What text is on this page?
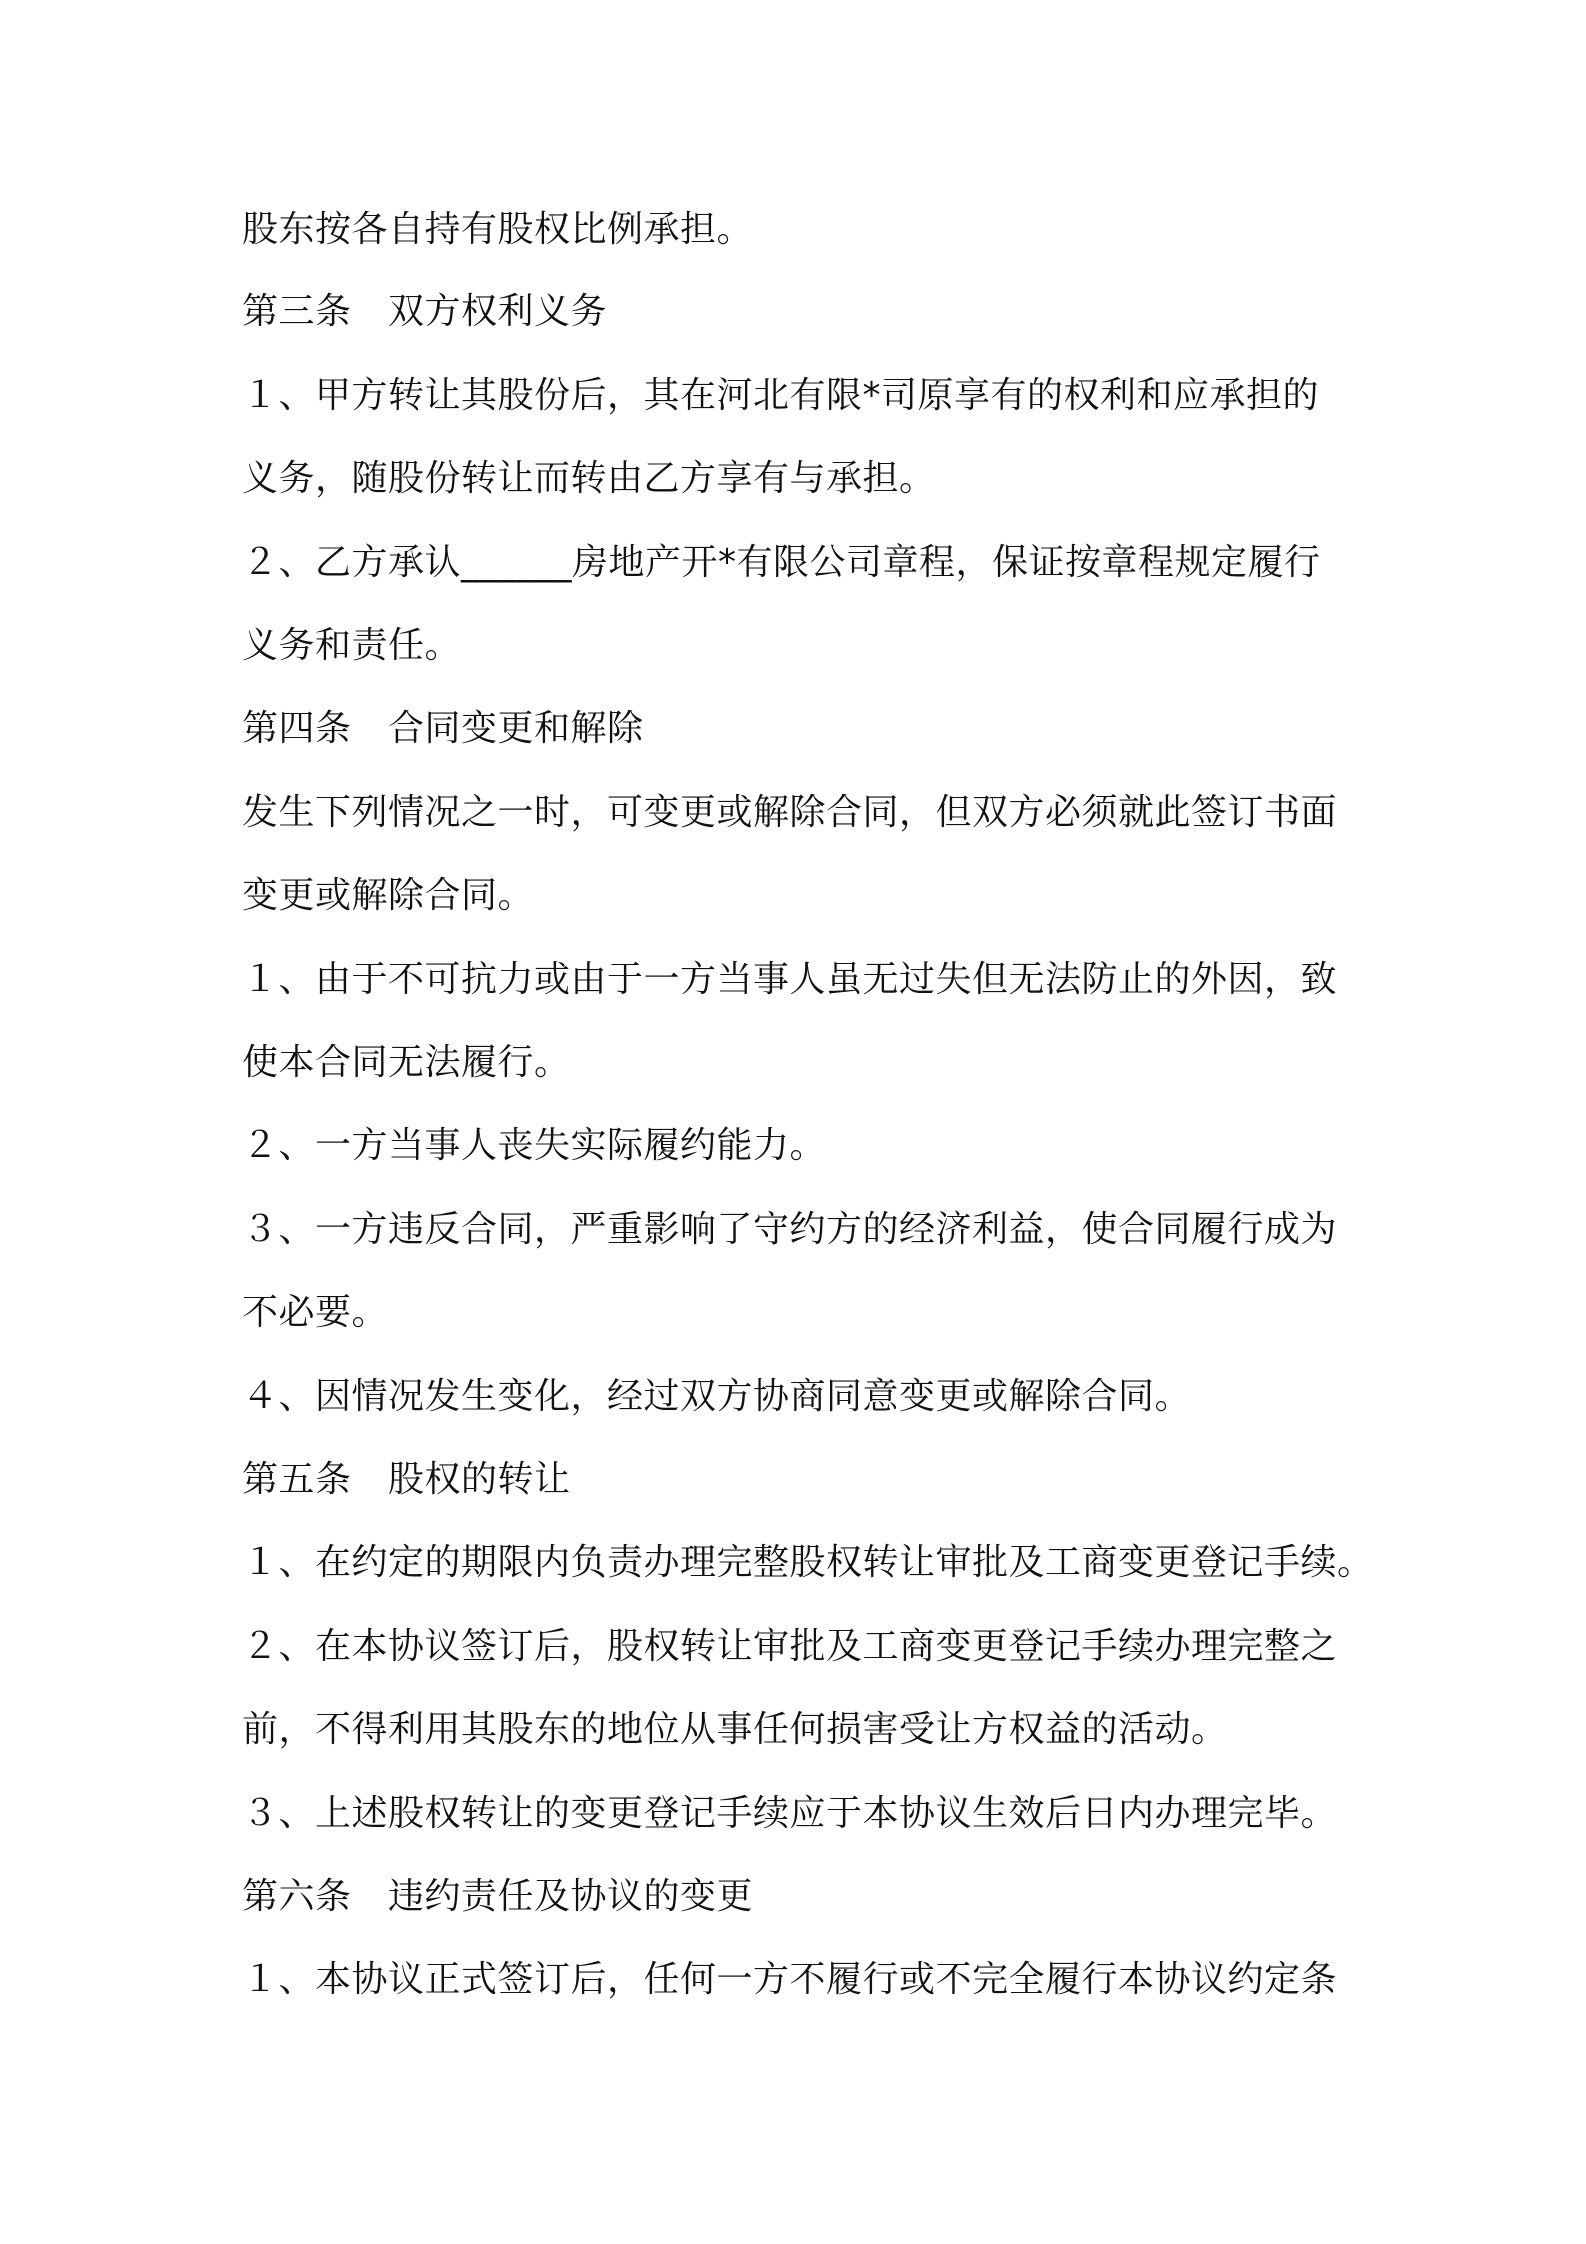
股东按各自持有股权比例承担。
第三条　双方权利义务
１、甲方转让其股份后，其在河北有限*司原享有的权利和应承担的
义务，随股份转让而转由乙方享有与承担。
２、乙方承认______房地产开*有限公司章程，保证按章程规定履行
义务和责任。
第四条　合同变更和解除
发生下列情况之一时，可变更或解除合同，但双方必须就此签订书面
变更或解除合同。
１、由于不可抗力或由于一方当事人虽无过失但无法防止的外因，致
使本合同无法履行。
２、一方当事人丧失实际履约能力。
３、一方违反合同，严重影响了守约方的经济利益，使合同履行成为
不必要。
４、因情况发生变化，经过双方协商同意变更或解除合同。
第五条　股权的转让
１、在约定的期限内负责办理完整股权转让审批及工商变更登记手续。
２、在本协议签订后，股权转让审批及工商变更登记手续办理完整之
前，不得利用其股东的地位从事任何损害受让方权益的活动。
３、上述股权转让的变更登记手续应于本协议生效后日内办理完毕。
第六条　违约责任及协议的变更
１、本协议正式签订后，任何一方不履行或不完全履行本协议约定条
